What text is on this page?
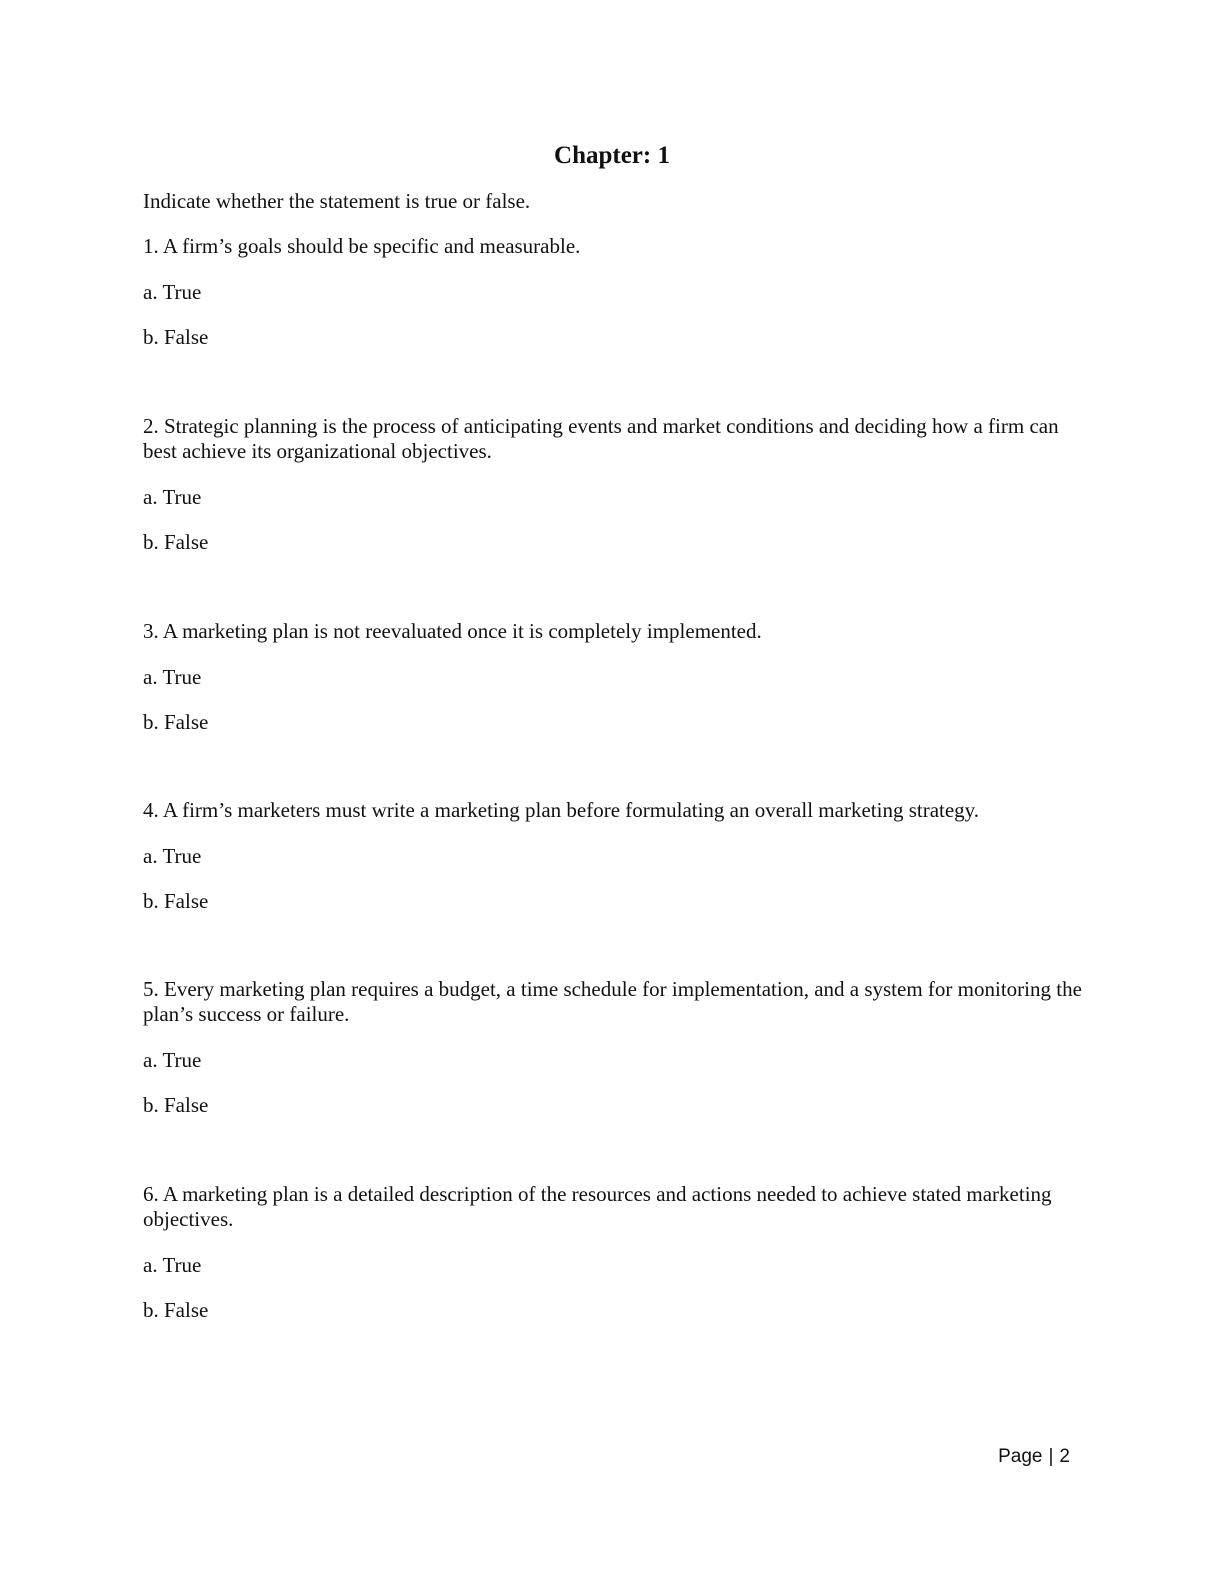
Chapter: 1

Indicate whether the statement is true or false.

1. A firm’s goals should be specific and measurable.

a. True

b. False

2. Strategic planning is the process of anticipating events and market conditions and deciding how a firm can best achieve its organizational objectives.

a. True

b. False

3. A marketing plan is not reevaluated once it is completely implemented.

a. True

b. False

4. A firm’s marketers must write a marketing plan before formulating an overall marketing strategy.

a. True

b. False

5. Every marketing plan requires a budget, a time schedule for implementation, and a system for monitoring the plan’s success or failure.

a. True

b. False

6. A marketing plan is a detailed description of the resources and actions needed to achieve stated marketing objectives.

a. True

b. False

Page | 2
